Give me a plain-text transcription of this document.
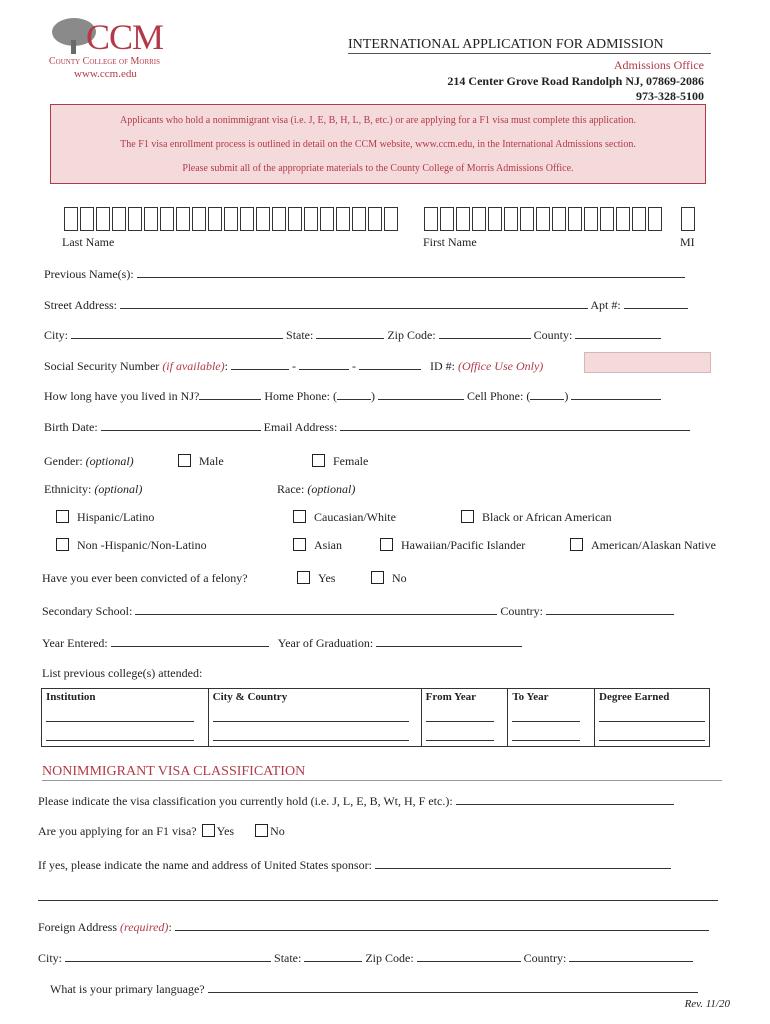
CCM
County College of Morris
www.ccm.edu
INTERNATIONAL APPLICATION FOR ADMISSION
Admissions Office
214 Center Grove Road Randolph NJ, 07869-2086
973-328-5100
Applicants who hold a nonimmigrant visa (i.e. J, E, B, H, L, B, etc.) or are applying for a F1 visa must complete this application.
The F1 visa enrollment process is outlined in detail on the CCM website, www.ccm.edu, in the International Admissions section.
Please submit all of the appropriate materials to the County College of Morris Admissions Office.
Last Name	First Name	MI
Previous Name(s):
Street Address:	Apt #:
City:	State:	Zip Code:	County:
Social Security Number (if available):	-	-	ID #: (Office Use Only)
How long have you lived in NJ?	Home Phone: (	)	Cell Phone: (	)
Birth Date:	Email Address:
Gender: (optional)	Male	Female
Ethnicity: (optional)	Race: (optional)
Hispanic/Latino	Caucasian/White	Black or African American
Non -Hispanic/Non-Latino	Asian	Hawaiian/Pacific Islander	American/Alaskan Native
Have you ever been convicted of a felony?	Yes	No
Secondary School:	Country:
Year Entered:	Year of Graduation:
List previous college(s) attended:
Institution	City & Country	From Year	To Year	Degree Earned
NONIMMIGRANT VISA CLASSIFICATION
Please indicate the visa classification you currently hold (i.e. J, L, E, B, Wt, H, F etc.):
Are you applying for an F1 visa? Yes	No
If yes, please indicate the name and address of United States sponsor:
Foreign Address (required):
City:	State:	Zip Code:	Country:
What is your primary language?
Rev. 11/20
